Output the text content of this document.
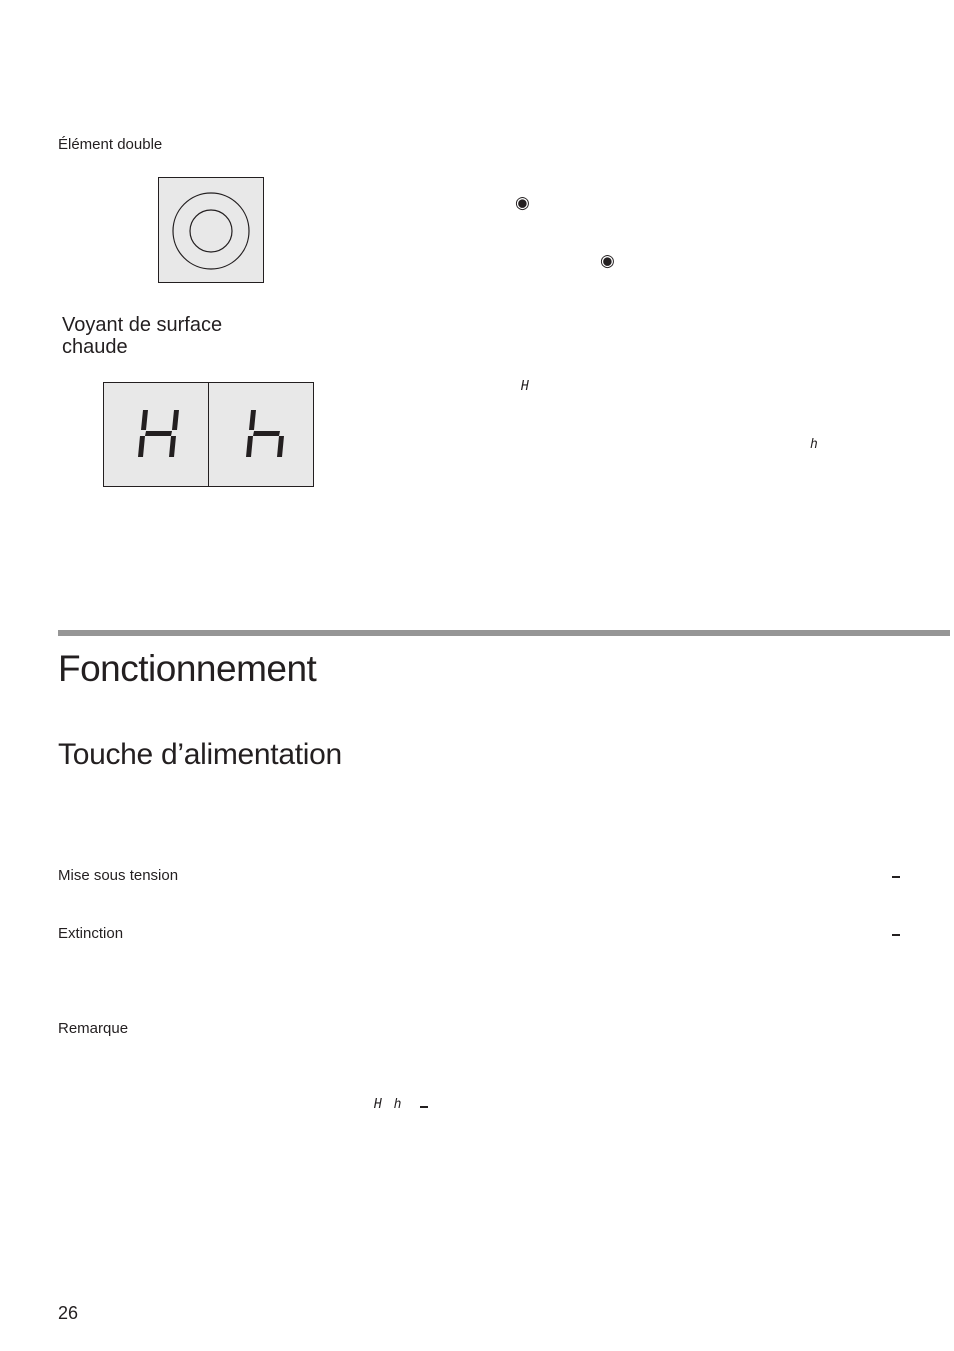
Élément double
◉
◉
Voyant de surface
chaude
H
h
Fonctionnement
Touche d’alimentation
Mise sous tension
Extinction
Remarque
H h
26
